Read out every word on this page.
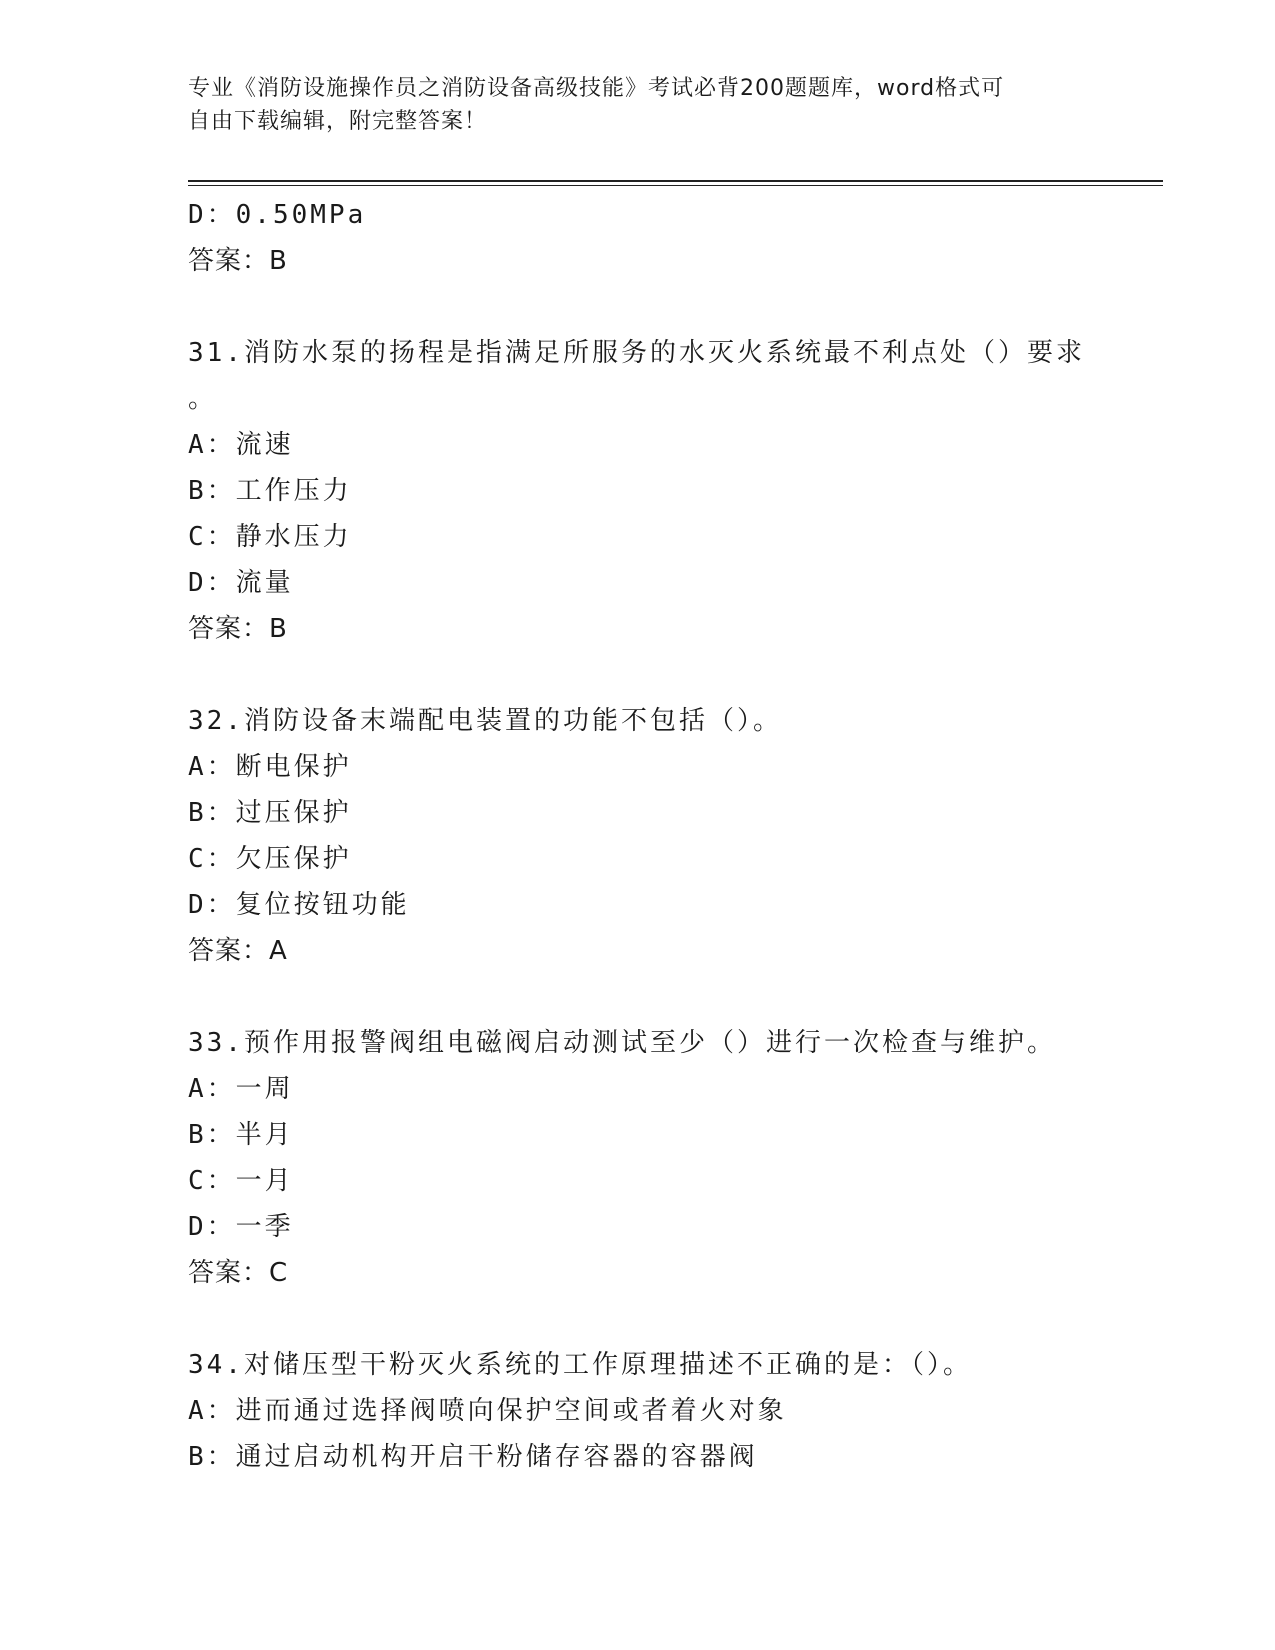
专业《消防设施操作员之消防设备高级技能》考试必背200题题库，word格式可
自由下载编辑，附完整答案！
D：0.50MPa
答案：B
31.消防水泵的扬程是指满足所服务的水灭火系统最不利点处（）要求
。
A：流速
B：工作压力
C：静水压力
D：流量
答案：B
32.消防设备末端配电装置的功能不包括（）。
A：断电保护
B：过压保护
C：欠压保护
D：复位按钮功能
答案：A
33.预作用报警阀组电磁阀启动测试至少（）进行一次检查与维护。
A：一周
B：半月
C：一月
D：一季
答案：C
34.对储压型干粉灭火系统的工作原理描述不正确的是：（）。
A：进而通过选择阀喷向保护空间或者着火对象
B：通过启动机构开启干粉储存容器的容器阀
